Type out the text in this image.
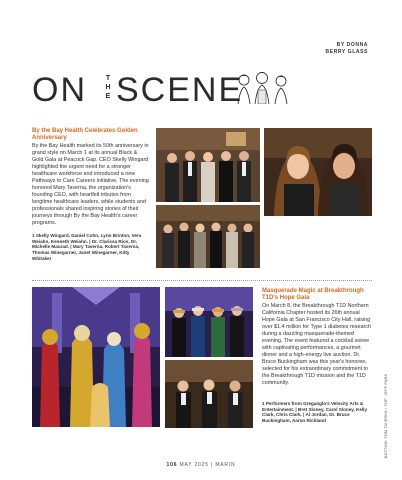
BY DONNA
BERRY GLASS
ON	T
H
E SCENE
By the Bay Health Celebrates Golden Anniversary
By the Bay Health marked its 50th anniversary in grand style on March 1 at its annual Black & Gold Gala at Peacock Gap. CEO Skelly Wingard highlighted the urgent need for a stronger healthcare workforce and introduced a new Pathways to Care Careers initiative. The evening honored Mary Taverna, the organization's founding CEO, with heartfelt tributes from longtime healthcare leaders, while students and professionals shared inspiring stories of their journeys through By the Bay Health's career programs.
1 Skelly Wingard, Daniel Cohn, Lynn Brinton, Vera Weiahn, Kenneth Weiahn. | Dr. Clarissa Rios, Dr. Michelle Maurad. | Mary Taverna, Robert Taverna, Thomas Winegarner, Janet Winegarner, Kitty Whitaker
Masquerade Magic at Breakthrough T1D's Hope Gala
On March 8, the Breakthrough T1D Northern California Chapter hosted its 26th annual Hope Gala at San Francisco City Hall, raising over $1.4 million for Type 1 diabetes research during a dazzling masquerade-themed evening. The event featured a cocktail soiree with captivating performances, a gourmet dinner and a high-energy live auction. Dr. Bruce Buckingham was this year's honoree, selected for his extraordinary commitment to the Breakthrough T1D mission and the T1D community.
1 Performers from Greganglo's Velocity Arts & Entertainment. | Bret Sloney, Carol Sloney, Kelly Clark, Chris Clark. | Al Jordan, Dr. Bruce Buckingham, Aaron Richland	BOTTOM: TOM TAVERNA / TOP: JEFF PARA
106 MAY 2025 | MARIN
